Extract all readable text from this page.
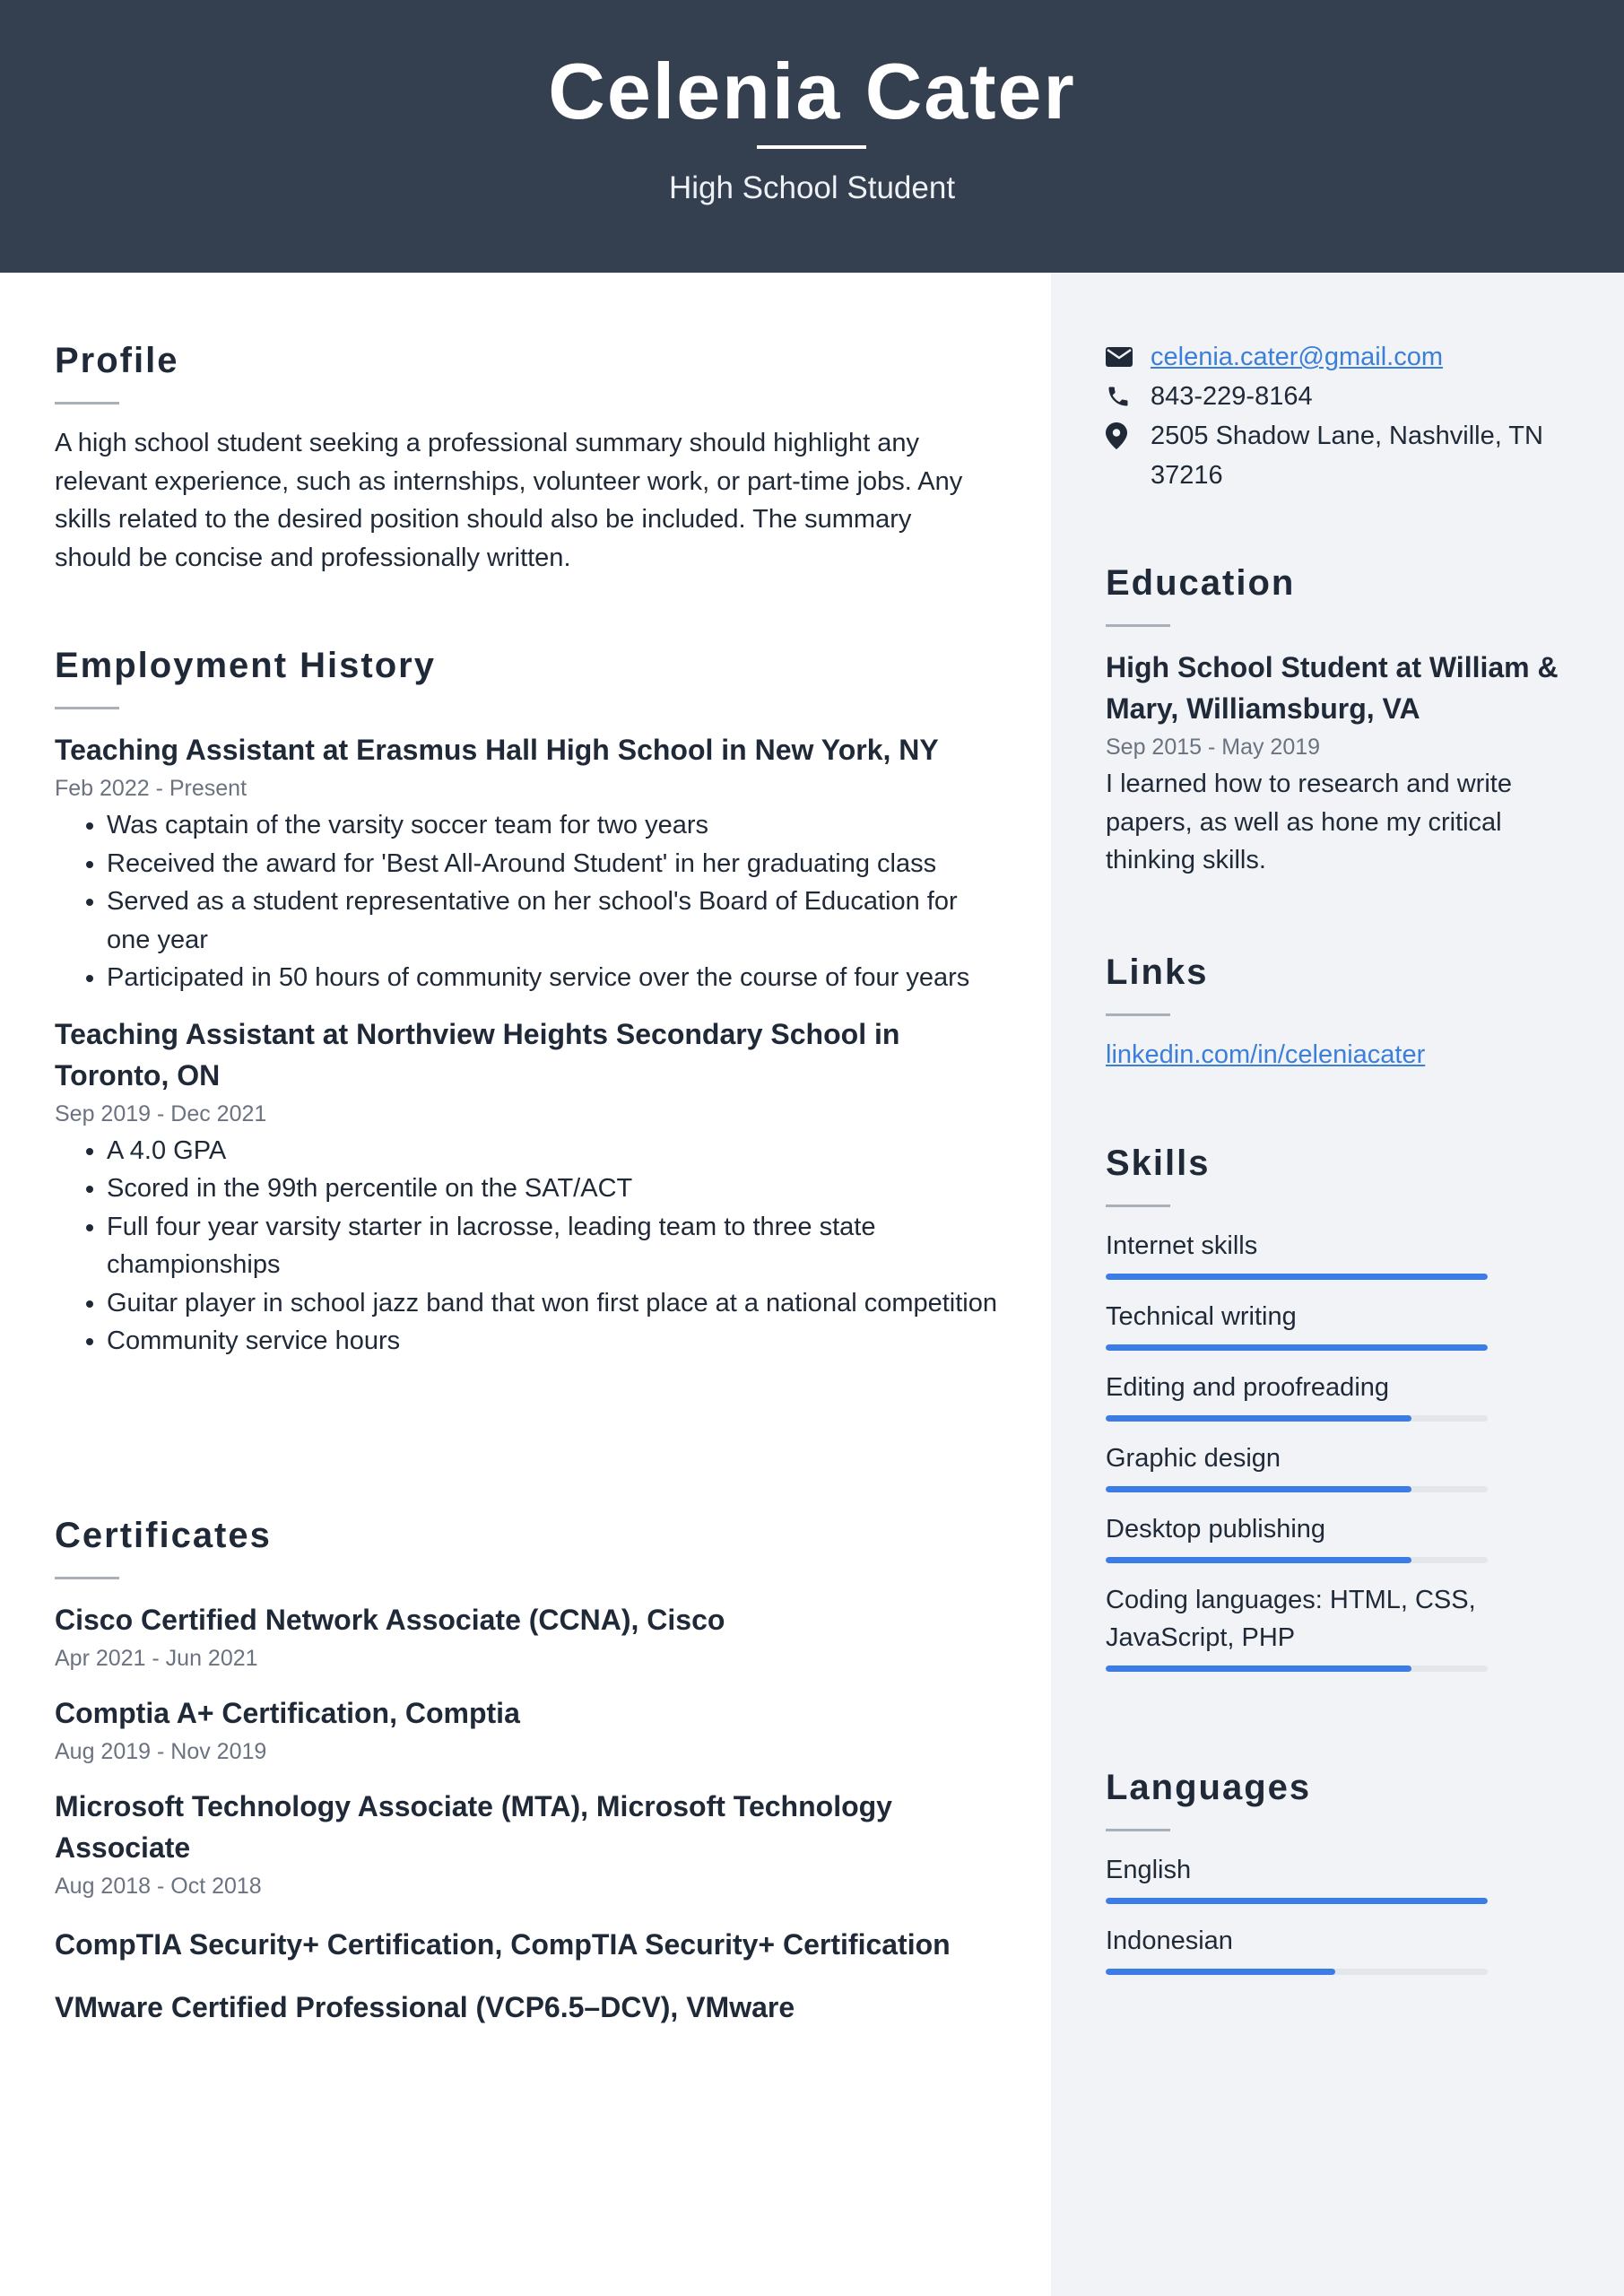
Celenia Cater
High School Student
Profile
A high school student seeking a professional summary should highlight any relevant experience, such as internships, volunteer work, or part-time jobs. Any skills related to the desired position should also be included. The summary should be concise and professionally written.
Employment History
Teaching Assistant at Erasmus Hall High School in New York, NY
Feb 2022 - Present
• Was captain of the varsity soccer team for two years
• Received the award for 'Best All-Around Student' in her graduating class
• Served as a student representative on her school's Board of Education for one year
• Participated in 50 hours of community service over the course of four years
Teaching Assistant at Northview Heights Secondary School in Toronto, ON
Sep 2019 - Dec 2021
• A 4.0 GPA
• Scored in the 99th percentile on the SAT/ACT
• Full four year varsity starter in lacrosse, leading team to three state championships
• Guitar player in school jazz band that won first place at a national competition
• Community service hours
Certificates
Cisco Certified Network Associate (CCNA), Cisco
Apr 2021 - Jun 2021
Comptia A+ Certification, Comptia
Aug 2019 - Nov 2019
Microsoft Technology Associate (MTA), Microsoft Technology Associate
Aug 2018 - Oct 2018
CompTIA Security+ Certification, CompTIA Security+ Certification
VMware Certified Professional (VCP6.5–DCV), VMware
celenia.cater@gmail.com
843-229-8164
2505 Shadow Lane, Nashville, TN 37216
Education
High School Student at William & Mary, Williamsburg, VA
Sep 2015 - May 2019
I learned how to research and write papers, as well as hone my critical thinking skills.
Links
linkedin.com/in/celeniacater
Skills
Internet skills
Technical writing
Editing and proofreading
Graphic design
Desktop publishing
Coding languages: HTML, CSS, JavaScript, PHP
Languages
English
Indonesian
